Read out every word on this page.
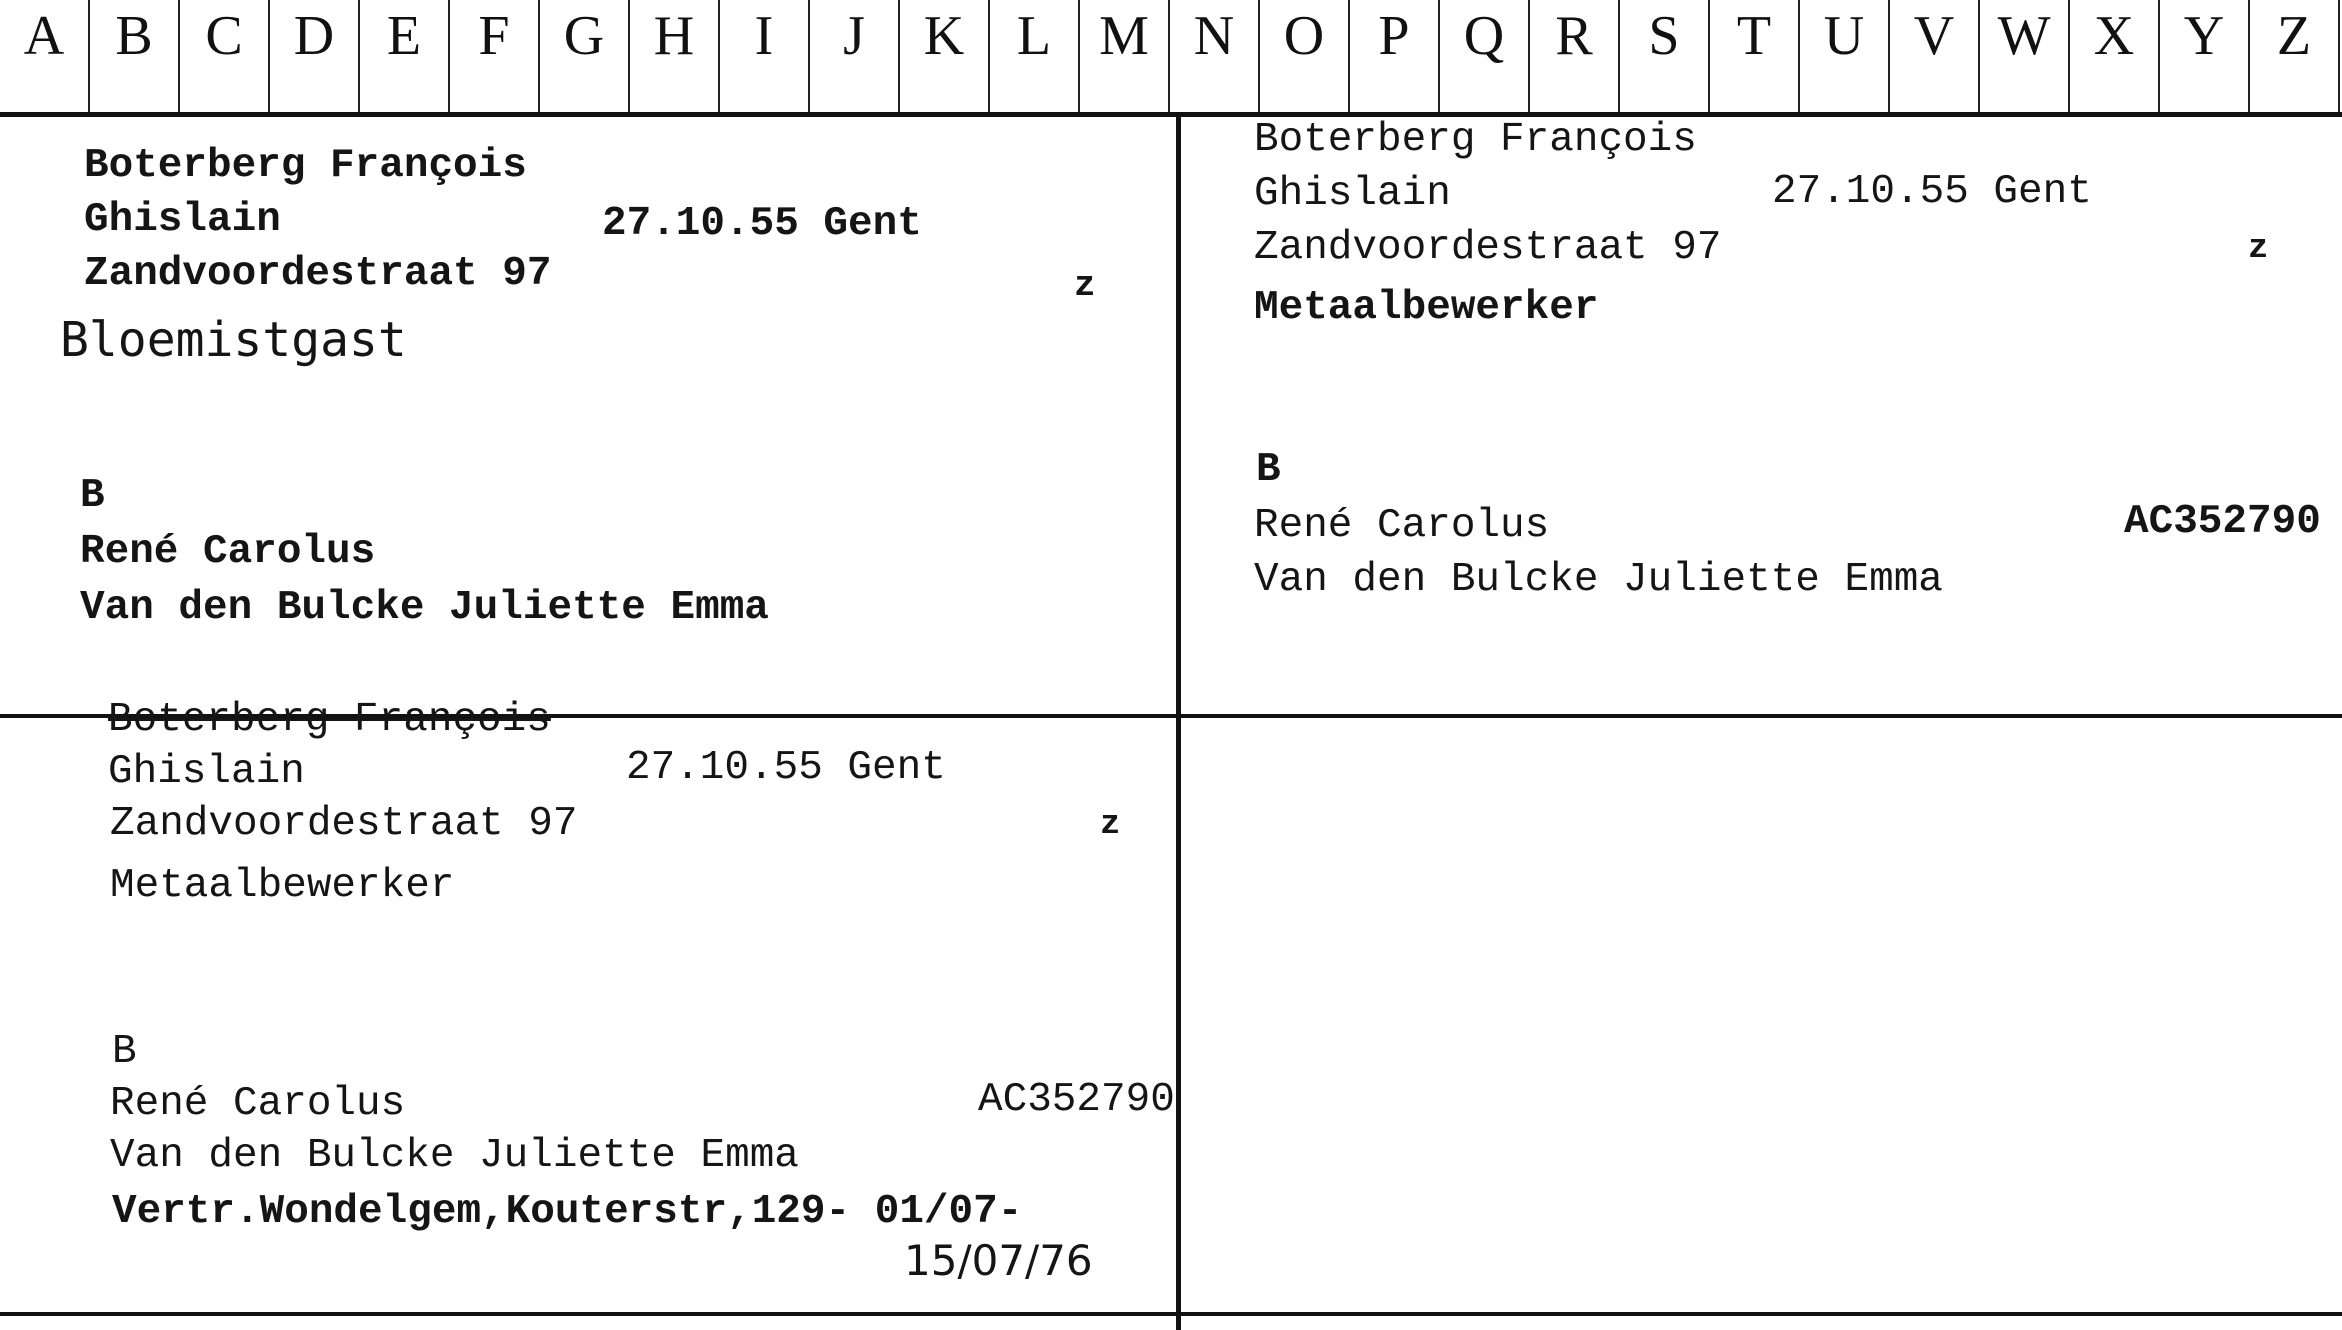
A B C D E	F G H	I	J	K L M N O P Q R S	T U V W X Y Z
Boterberg François
Ghislain	27.10.55 Gent
Zandvoordestraat 97	z
Bloemistgast
B
René Carolus
Van den Bulcke Juliette Emma
Boterberg François
Ghislain	27.10.55 Gent
Zandvoordestraat 97	z
Metaalbewerker
B
René Carolus	AC352790
Van den Bulcke Juliette Emma
Boterberg François
Ghislain	27.10.55 Gent
Zandvoordestraat 97	z
Metaalbewerker
B
René Carolus	AC352790
Van den Bulcke Juliette Emma
Vertr.Wondelgem,Kouterstr,129- 01/07-
15/07/76
